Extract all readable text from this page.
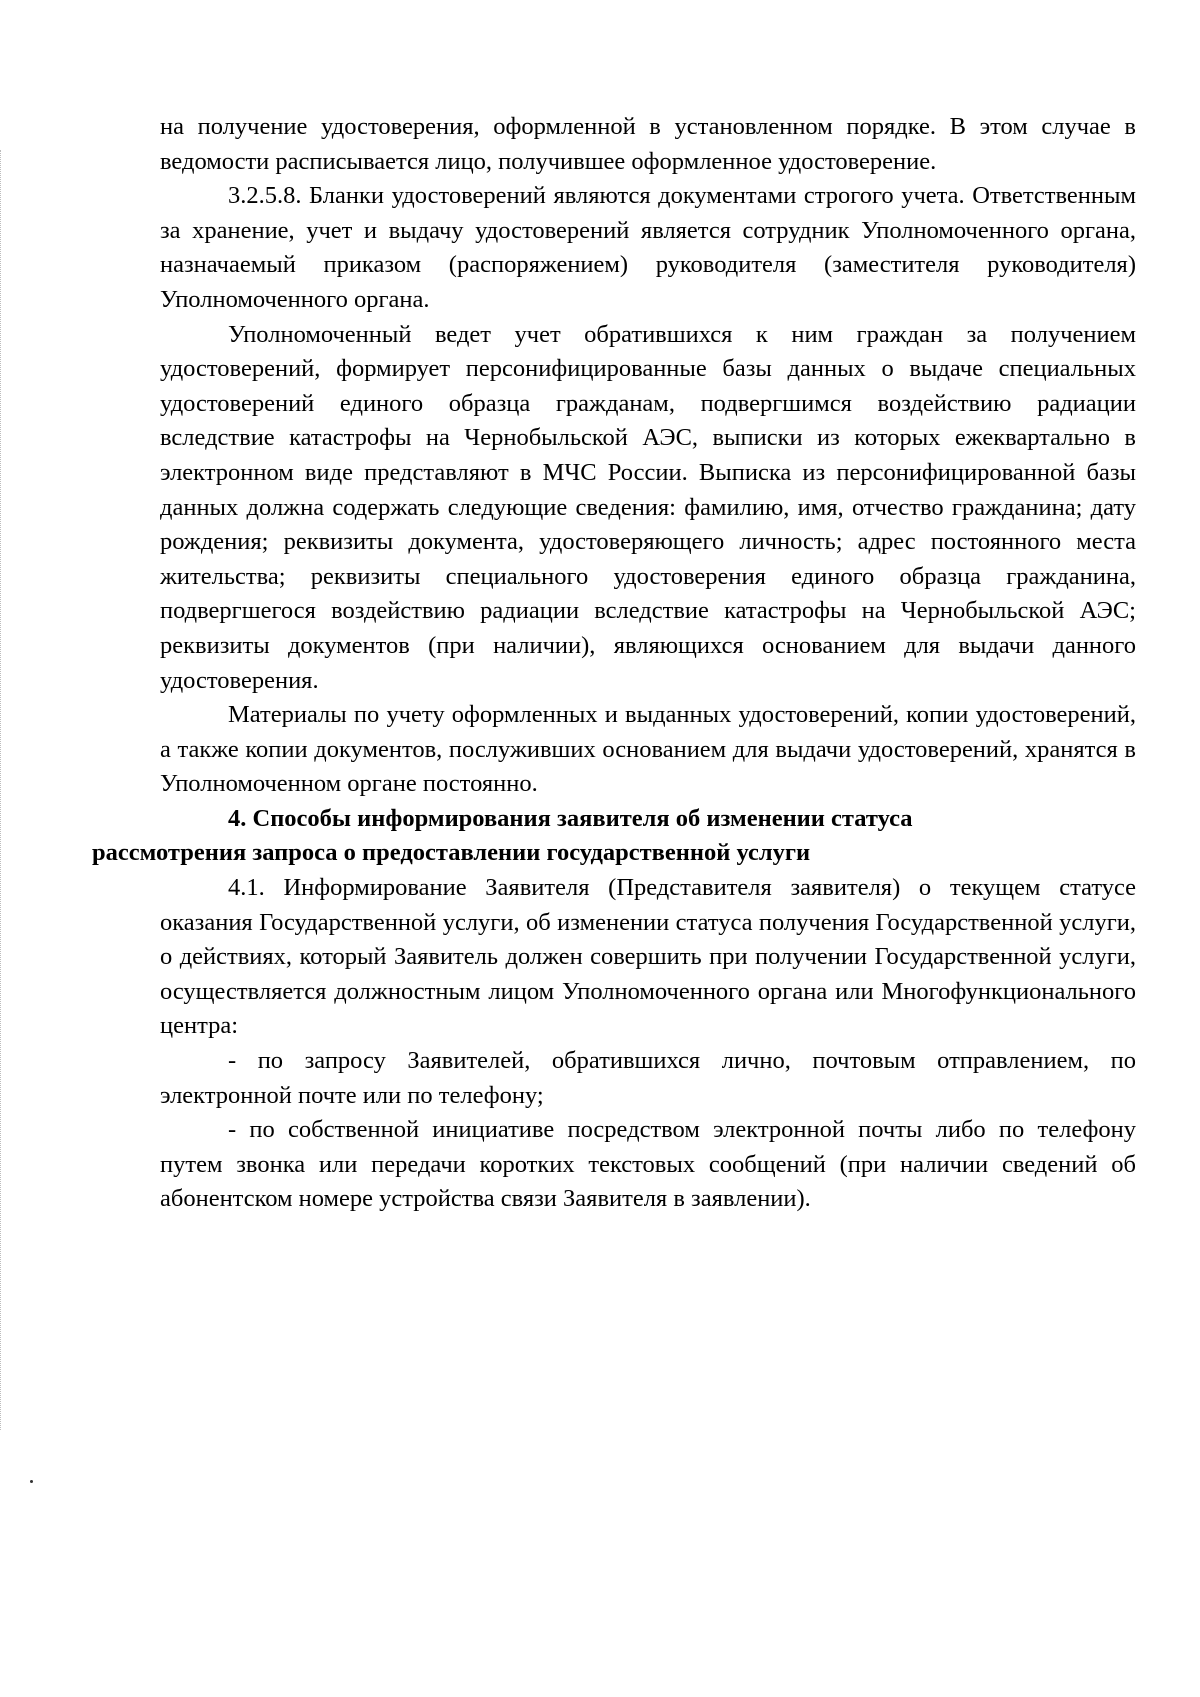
на получение удостоверения, оформленной в установленном порядке. В этом случае в ведомости расписывается лицо, получившее оформленное удостоверение.

3.2.5.8. Бланки удостоверений являются документами строгого учета. Ответственным за хранение, учет и выдачу удостоверений является сотрудник Уполномоченного органа, назначаемый приказом (распоряжением) руководителя (заместителя руководителя) Уполномоченного органа.

Уполномоченный ведет учет обратившихся к ним граждан за получением удостоверений, формирует персонифицированные базы данных о выдаче специальных удостоверений единого образца гражданам, подвергшимся воздействию радиации вследствие катастрофы на Чернобыльской АЭС, выписки из которых ежеквартально в электронном виде представляют в МЧС России. Выписка из персонифицированной базы данных должна содержать следующие сведения: фамилию, имя, отчество гражданина; дату рождения; реквизиты документа, удостоверяющего личность; адрес постоянного места жительства; реквизиты специального удостоверения единого образца гражданина, подвергшегося воздействию радиации вследствие катастрофы на Чернобыльской АЭС; реквизиты документов (при наличии), являющихся основанием для выдачи данного удостоверения.

Материалы по учету оформленных и выданных удостоверений, копии удостоверений, а также копии документов, послуживших основанием для выдачи удостоверений, хранятся в Уполномоченном органе постоянно.

4. Способы информирования заявителя об изменении статуса
рассмотрения запроса о предоставлении государственной услуги

4.1. Информирование Заявителя (Представителя заявителя) о текущем статусе оказания Государственной услуги, об изменении статуса получения Государственной услуги, о действиях, который Заявитель должен совершить при получении Государственной услуги, осуществляется должностным лицом Уполномоченного органа или Многофункционального центра:

- по запросу Заявителей, обратившихся лично, почтовым отправлением, по электронной почте или по телефону;

- по собственной инициативе посредством электронной почты либо по телефону путем звонка или передачи коротких текстовых сообщений (при наличии сведений об абонентском номере устройства связи Заявителя в заявлении).
